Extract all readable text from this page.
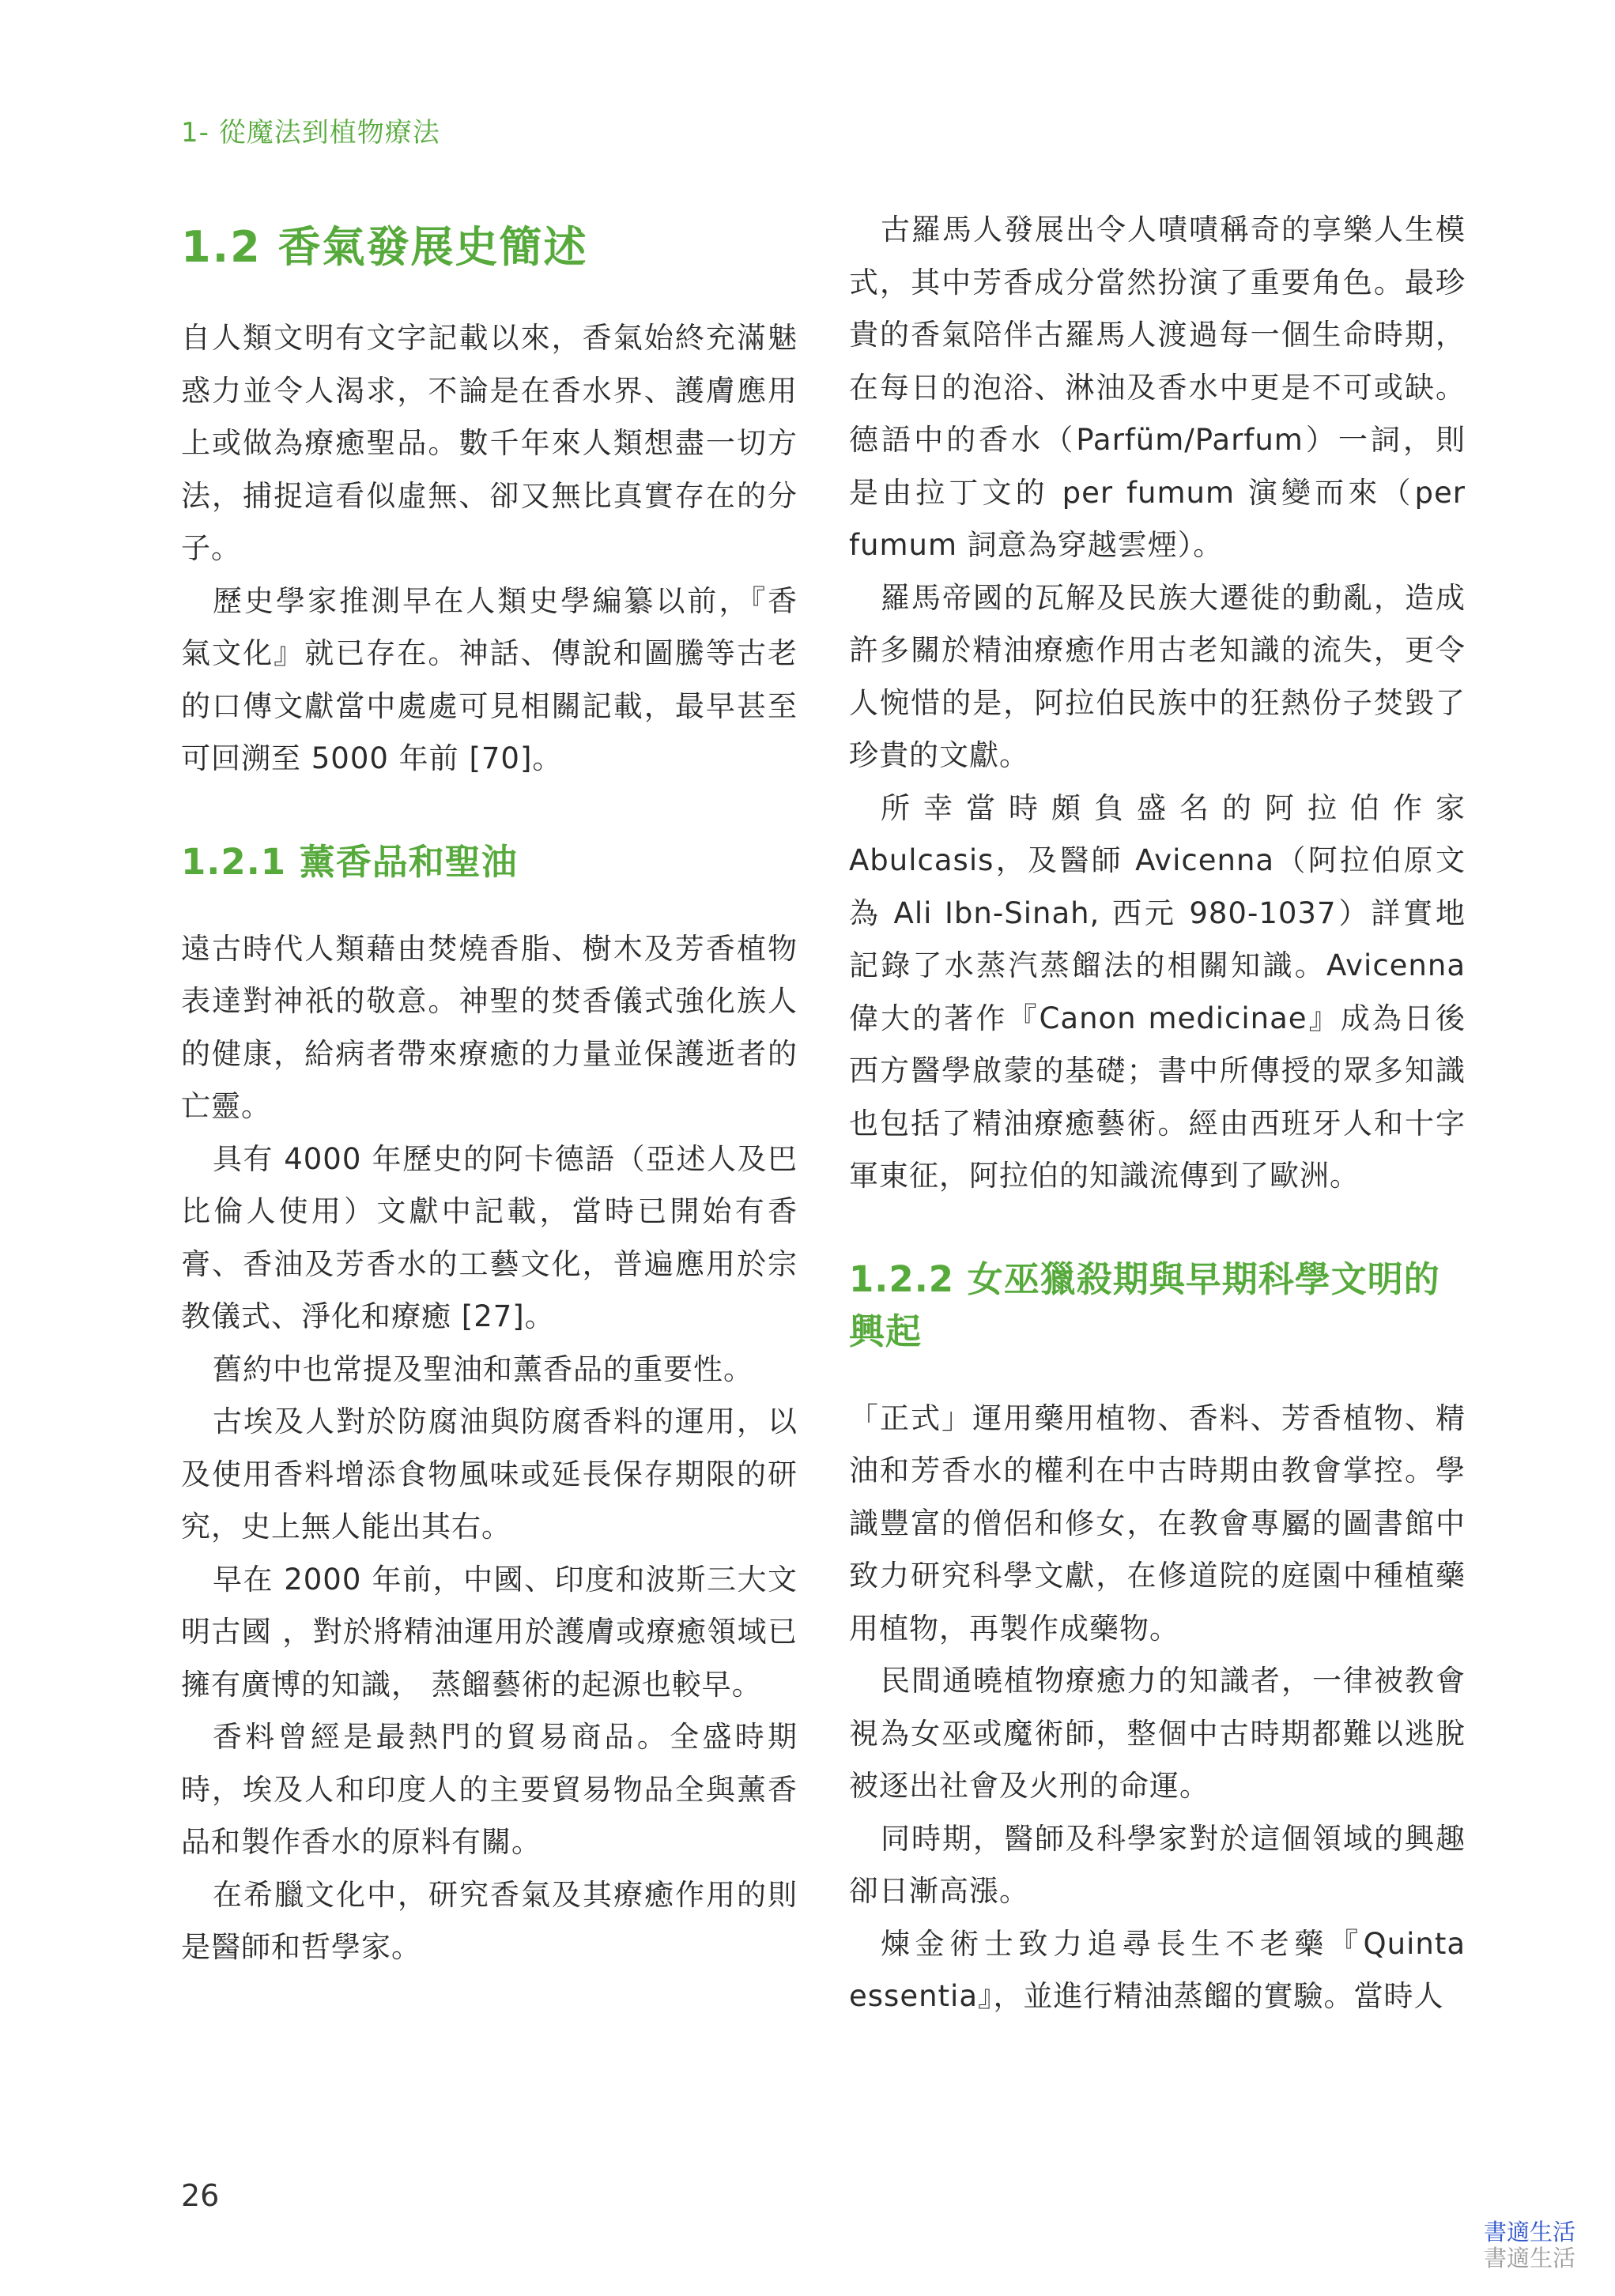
1- 從魔法到植物療法
1.2 香氣發展史簡述

自人類文明有文字記載以來，香氣始終充滿魅惑力並令人渴求，不論是在香水界、護膚應用上或做為療癒聖品。數千年來人類想盡一切方法，捕捉這看似虛無、卻又無比真實存在的分子。

歷史學家推測早在人類史學編纂以前，『香氣文化』就已存在。神話、傳說和圖騰等古老的口傳文獻當中處處可見相關記載，最早甚至可回溯至 5000 年前 [70]。

1.2.1 薰香品和聖油

遠古時代人類藉由焚燒香脂、樹木及芳香植物表達對神祇的敬意。神聖的焚香儀式強化族人的健康，給病者帶來療癒的力量並保護逝者的亡靈。

具有 4000 年歷史的阿卡德語（亞述人及巴比倫人使用）文獻中記載，當時已開始有香膏、香油及芳香水的工藝文化，普遍應用於宗教儀式、淨化和療癒 [27]。

舊約中也常提及聖油和薰香品的重要性。

古埃及人對於防腐油與防腐香料的運用，以及使用香料增添食物風味或延長保存期限的研究，史上無人能出其右。

早在 2000 年前，中國、印度和波斯三大文明古國 ，對於將精油運用於護膚或療癒領域已擁有廣博的知識， 蒸餾藝術的起源也較早。

香料曾經是最熱門的貿易商品。全盛時期時，埃及人和印度人的主要貿易物品全與薰香品和製作香水的原料有關。

在希臘文化中，研究香氣及其療癒作用的則是醫師和哲學家。

古羅馬人發展出令人嘖嘖稱奇的享樂人生模式，其中芳香成分當然扮演了重要角色。最珍貴的香氣陪伴古羅馬人渡過每一個生命時期，在每日的泡浴、淋油及香水中更是不可或缺。德語中的香水（Parfüm/Parfum）一詞，則是由拉丁文的 per fumum 演變而來（per fumum 詞意為穿越雲煙）。

羅馬帝國的瓦解及民族大遷徙的動亂，造成許多關於精油療癒作用古老知識的流失，更令人惋惜的是，阿拉伯民族中的狂熱份子焚毀了珍貴的文獻。

所幸當時頗負盛名的阿拉伯作家 Abulcasis，及醫師 Avicenna（阿拉伯原文為 Ali Ibn-Sinah, 西元 980-1037）詳實地記錄了水蒸汽蒸餾法的相關知識。Avicenna 偉大的著作『Canon medicinae』成為日後西方醫學啟蒙的基礎；書中所傳授的眾多知識也包括了精油療癒藝術。經由西班牙人和十字軍東征，阿拉伯的知識流傳到了歐洲。

1.2.2 女巫獵殺期與早期科學文明的興起

「正式」運用藥用植物、香料、芳香植物、精油和芳香水的權利在中古時期由教會掌控。學識豐富的僧侶和修女，在教會專屬的圖書館中致力研究科學文獻，在修道院的庭園中種植藥用植物，再製作成藥物。

民間通曉植物療癒力的知識者，一律被教會視為女巫或魔術師，整個中古時期都難以逃脫被逐出社會及火刑的命運。

同時期，醫師及科學家對於這個領域的興趣卻日漸高漲。

煉金術士致力追尋長生不老藥『Quinta essentia』，並進行精油蒸餾的實驗。當時人

26
書適生活
書適生活
